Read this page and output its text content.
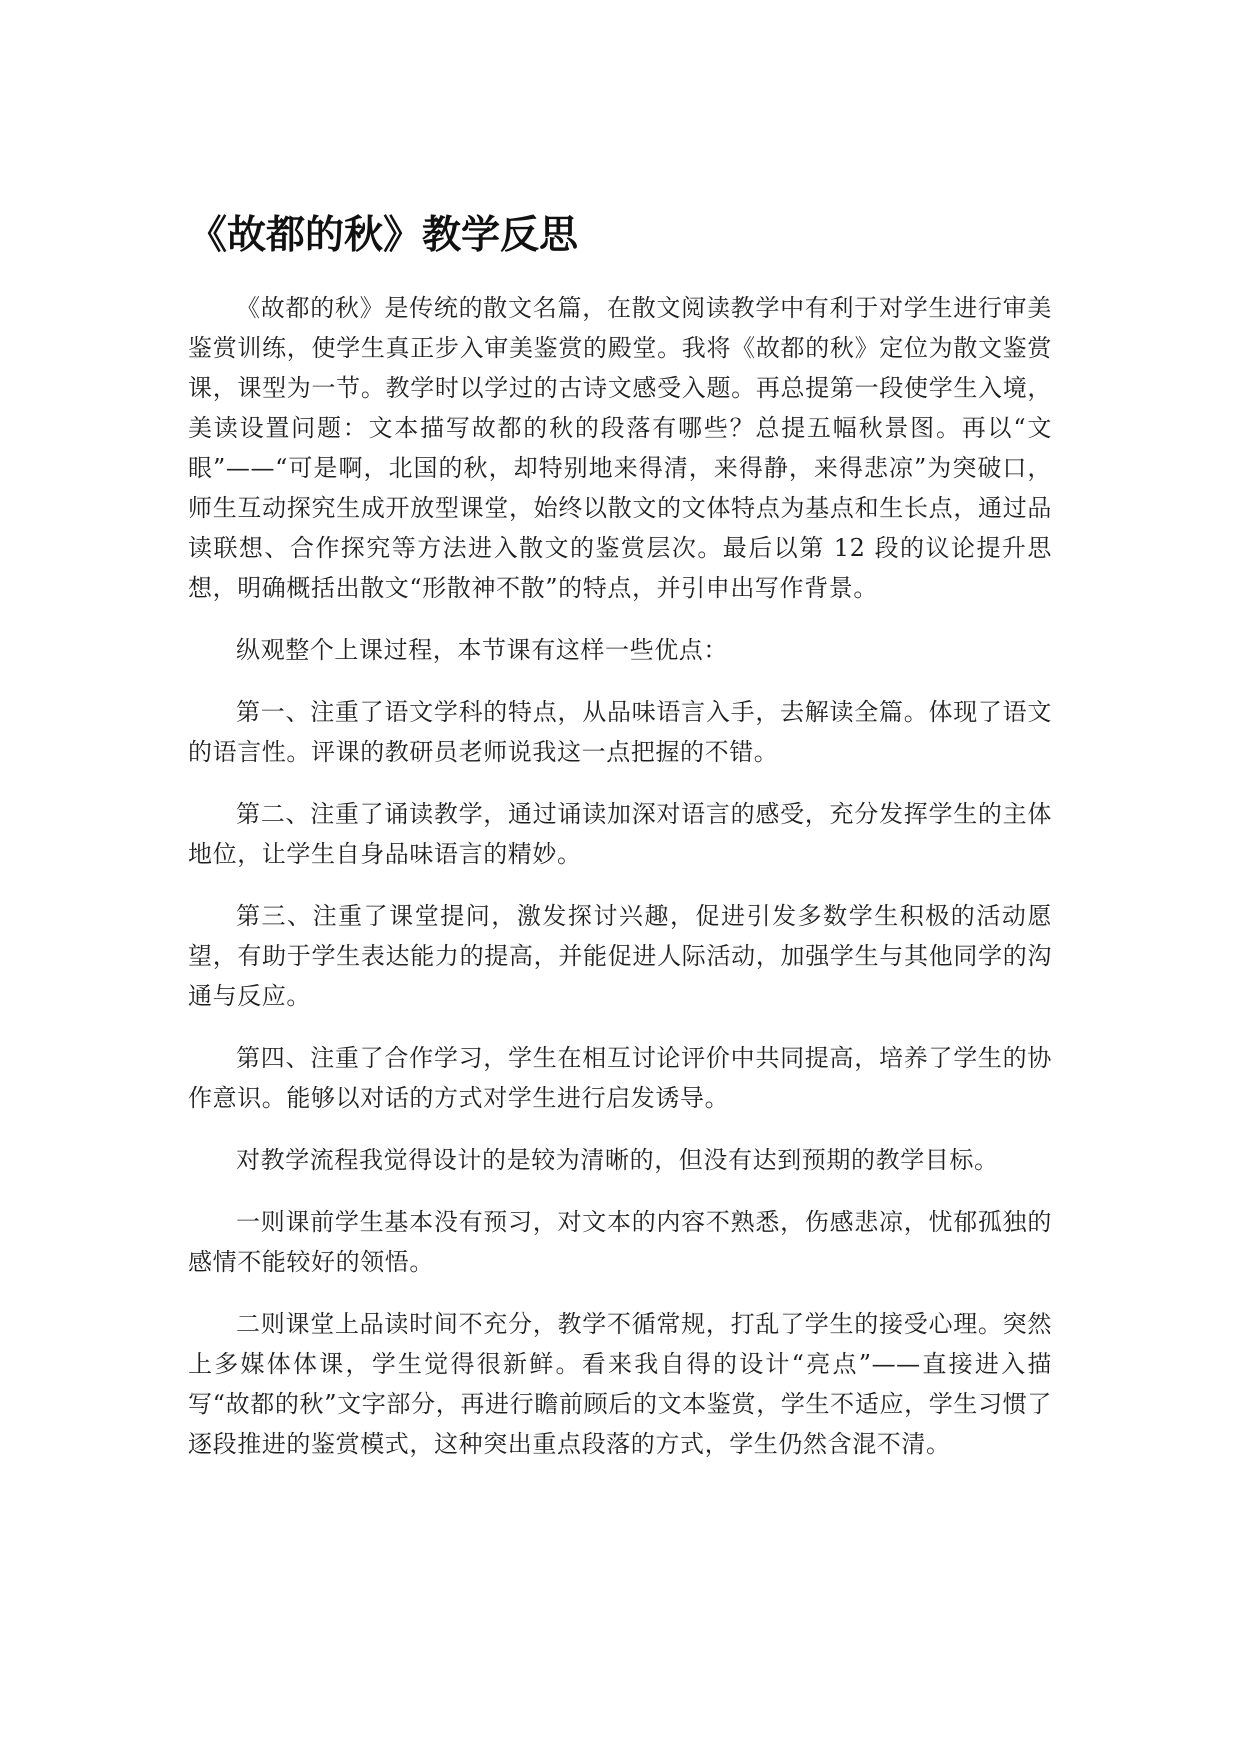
《故都的秋》教学反思

《故都的秋》是传统的散文名篇，在散文阅读教学中有利于对学生进行审美鉴赏训练，使学生真正步入审美鉴赏的殿堂。我将《故都的秋》定位为散文鉴赏课，课型为一节。教学时以学过的古诗文感受入题。再总提第一段使学生入境，美读设置问题：文本描写故都的秋的段落有哪些？总提五幅秋景图。再以“文眼”——“可是啊，北国的秋，却特别地来得清，来得静，来得悲凉”为突破口，师生互动探究生成开放型课堂，始终以散文的文体特点为基点和生长点，通过品读联想、合作探究等方法进入散文的鉴赏层次。最后以第 12 段的议论提升思想，明确概括出散文“形散神不散”的特点，并引申出写作背景。

纵观整个上课过程，本节课有这样一些优点：

第一、注重了语文学科的特点，从品味语言入手，去解读全篇。体现了语文的语言性。评课的教研员老师说我这一点把握的不错。

第二、注重了诵读教学，通过诵读加深对语言的感受，充分发挥学生的主体地位，让学生自身品味语言的精妙。

第三、注重了课堂提问，激发探讨兴趣，促进引发多数学生积极的活动愿望，有助于学生表达能力的提高，并能促进人际活动，加强学生与其他同学的沟通与反应。

第四、注重了合作学习，学生在相互讨论评价中共同提高，培养了学生的协作意识。能够以对话的方式对学生进行启发诱导。

对教学流程我觉得设计的是较为清晰的，但没有达到预期的教学目标。

一则课前学生基本没有预习，对文本的内容不熟悉，伤感悲凉，忧郁孤独的感情不能较好的领悟。

二则课堂上品读时间不充分，教学不循常规，打乱了学生的接受心理。突然上多媒体体课，学生觉得很新鲜。看来我自得的设计“亮点”——直接进入描写“故都的秋”文字部分，再进行瞻前顾后的文本鉴赏，学生不适应，学生习惯了逐段推进的鉴赏模式，这种突出重点段落的方式，学生仍然含混不清。
